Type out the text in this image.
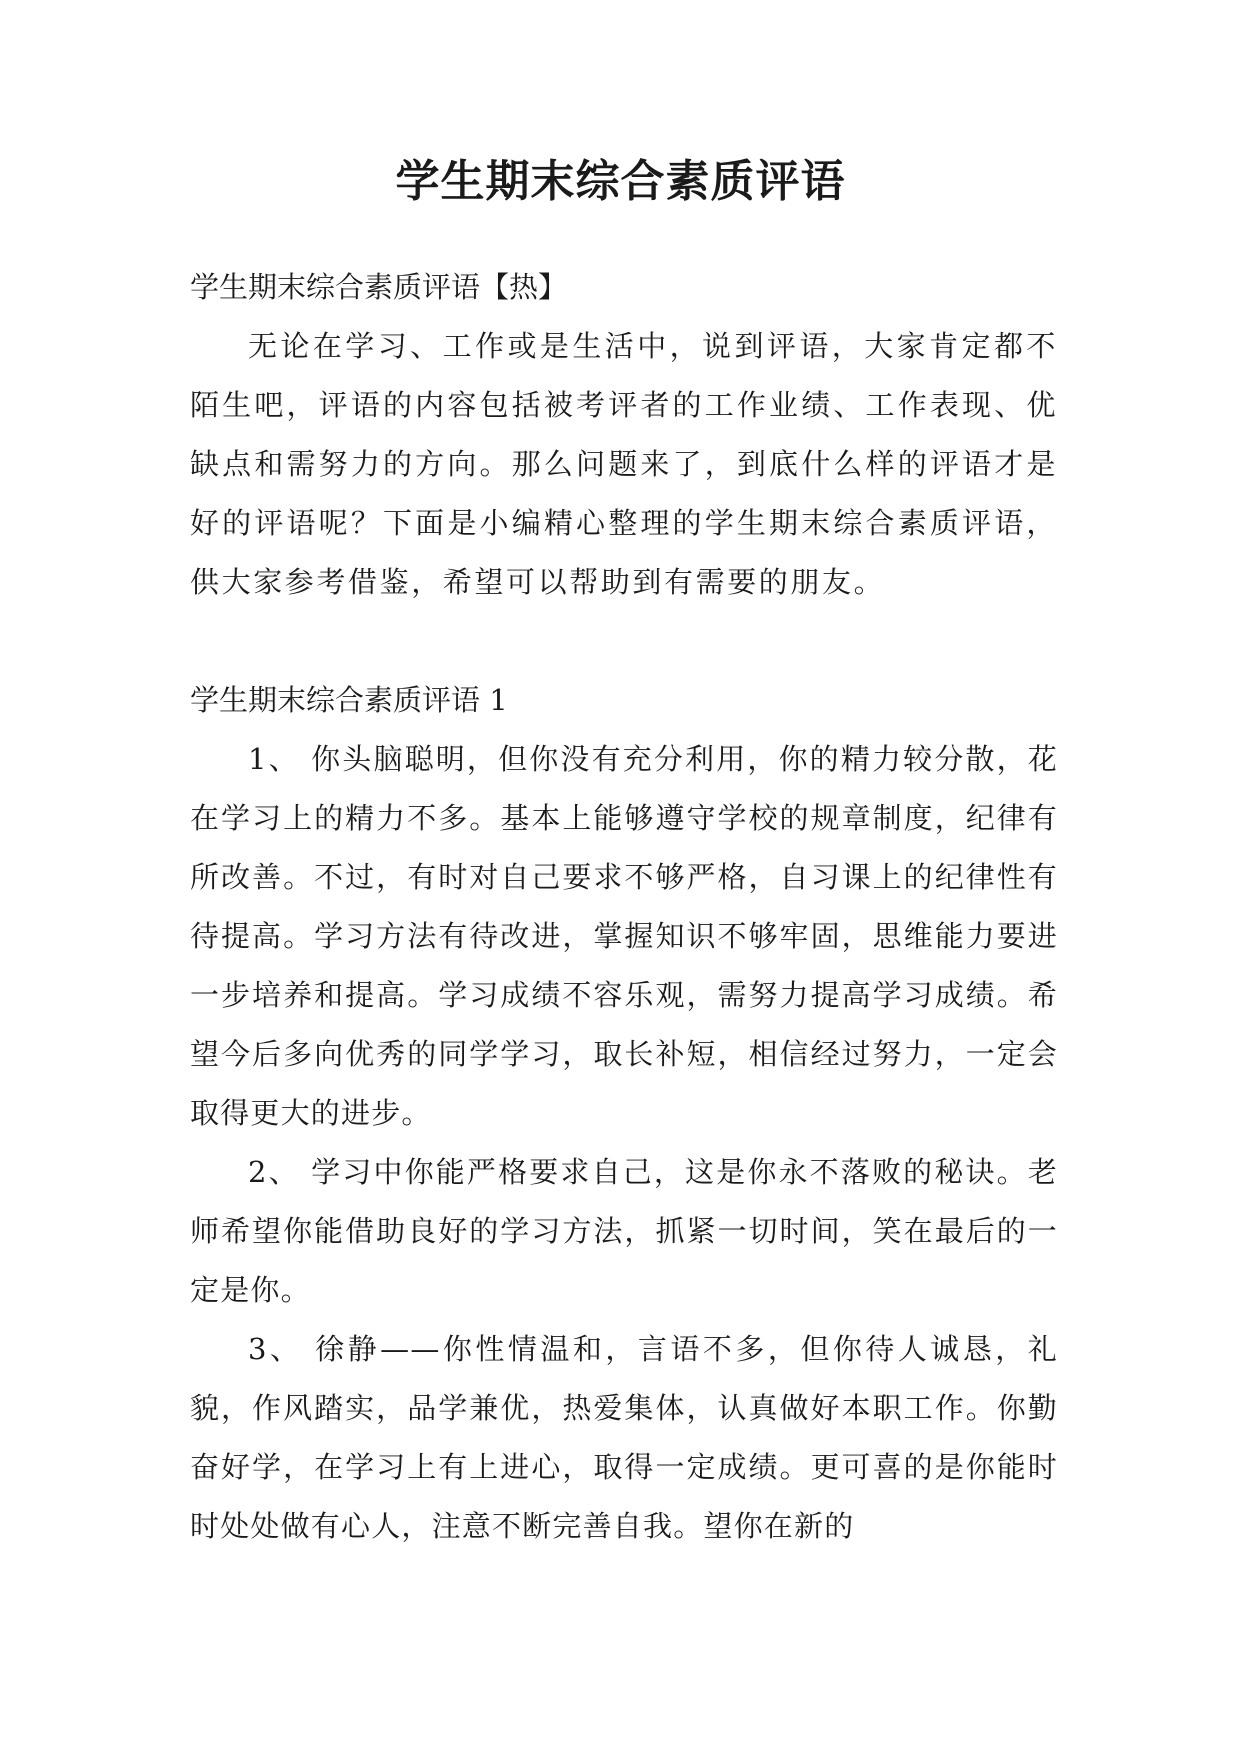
学生期末综合素质评语

学生期末综合素质评语【热】

无论在学习、工作或是生活中，说到评语，大家肯定都不陌生吧，评语的内容包括被考评者的工作业绩、工作表现、优缺点和需努力的方向。那么问题来了，到底什么样的评语才是好的评语呢？下面是小编精心整理的学生期末综合素质评语，供大家参考借鉴，希望可以帮助到有需要的朋友。

学生期末综合素质评语 1

1、 你头脑聪明，但你没有充分利用，你的精力较分散，花在学习上的精力不多。基本上能够遵守学校的规章制度，纪律有所改善。不过，有时对自己要求不够严格，自习课上的纪律性有待提高。学习方法有待改进，掌握知识不够牢固，思维能力要进一步培养和提高。学习成绩不容乐观，需努力提高学习成绩。希望今后多向优秀的同学学习，取长补短，相信经过努力，一定会取得更大的进步。

2、 学习中你能严格要求自己，这是你永不落败的秘诀。老师希望你能借助良好的学习方法，抓紧一切时间，笑在最后的一定是你。

3、 徐静——你性情温和，言语不多，但你待人诚恳，礼貌，作风踏实，品学兼优，热爱集体，认真做好本职工作。你勤奋好学，在学习上有上进心，取得一定成绩。更可喜的是你能时时处处做有心人，注意不断完善自我。望你在新的
